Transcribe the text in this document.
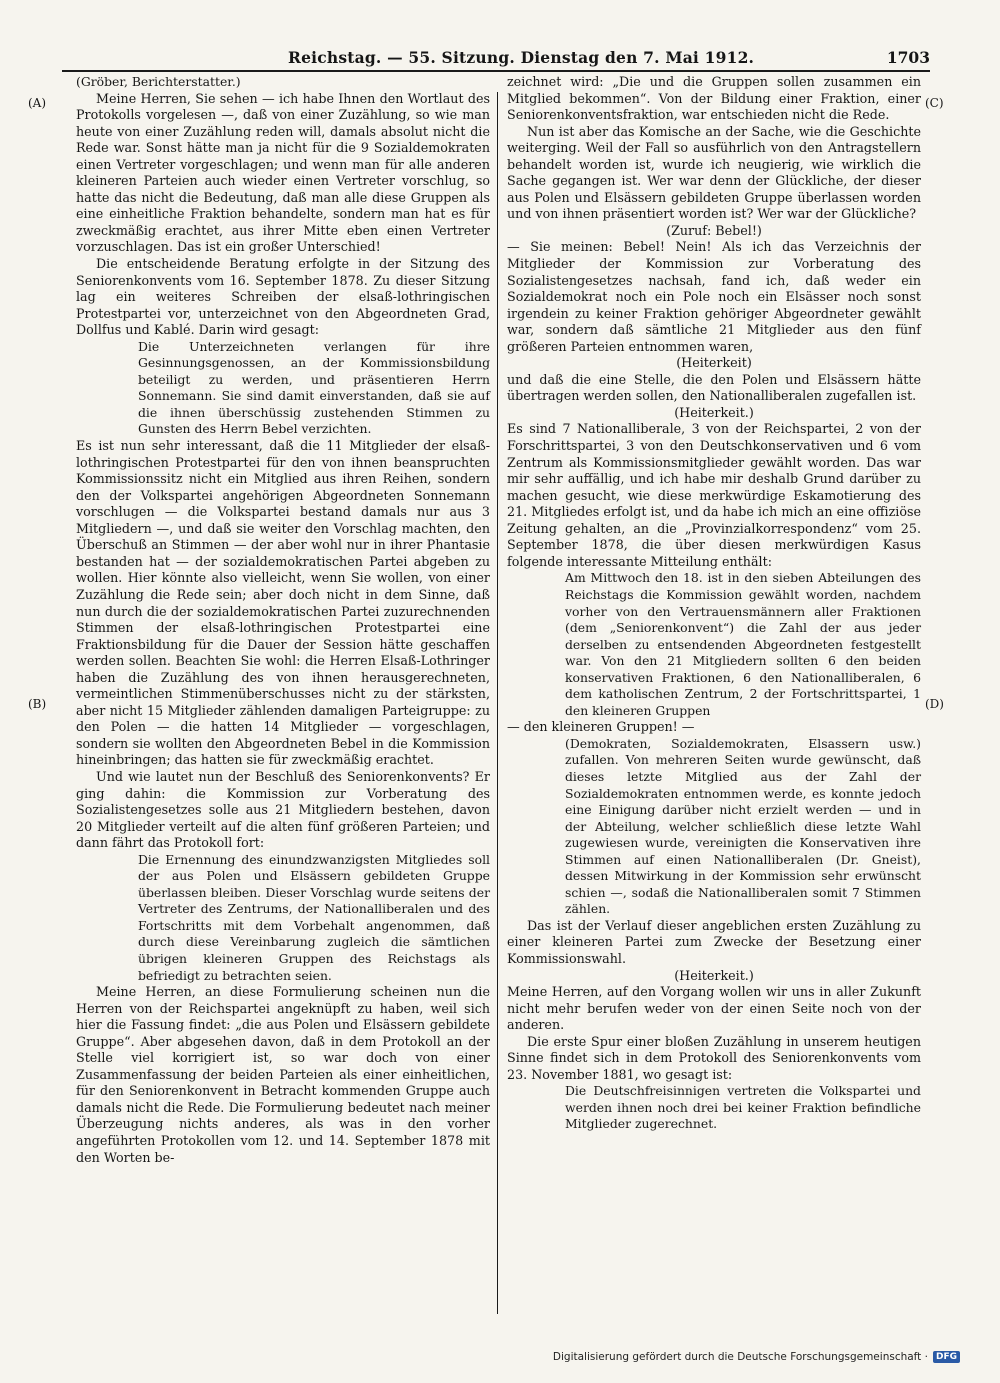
Reichstag. — 55. Sitzung. Dienstag den 7. Mai 1912.	1703
(A)
(B)
(C)
(D)

(Gröber, Berichterstatter.)

Meine Herren, Sie sehen — ich habe Ihnen den Wortlaut des Protokolls vorgelesen —, daß von einer Zuzählung, so wie man heute von einer Zuzählung reden will, damals absolut nicht die Rede war. Sonst hätte man ja nicht für die 9 Sozialdemokraten einen Vertreter vorgeschlagen; und wenn man für alle anderen kleineren Parteien auch wieder einen Vertreter vorschlug, so hatte das nicht die Bedeutung, daß man alle diese Gruppen als eine einheitliche Fraktion behandelte, sondern man hat es für zweckmäßig erachtet, aus ihrer Mitte eben einen Vertreter vorzuschlagen. Das ist ein großer Unterschied!

Die entscheidende Beratung erfolgte in der Sitzung des Seniorenkonvents vom 16. September 1878. Zu dieser Sitzung lag ein weiteres Schreiben der elsaß-lothringischen Protestpartei vor, unterzeichnet von den Abgeordneten Grad, Dollfus und Kablé. Darin wird gesagt:

Die Unterzeichneten verlangen für ihre Gesinnungsgenossen, an der Kommissionsbildung beteiligt zu werden, und präsentieren Herrn Sonnemann. Sie sind damit einverstanden, daß sie auf die ihnen überschüssig zustehenden Stimmen zu Gunsten des Herrn Bebel verzichten.

Es ist nun sehr interessant, daß die 11 Mitglieder der elsaß-lothringischen Protestpartei für den von ihnen beanspruchten Kommissionssitz nicht ein Mitglied aus ihren Reihen, sondern den der Volkspartei angehörigen Abgeordneten Sonnemann vorschlugen — die Volkspartei bestand damals nur aus 3 Mitgliedern —, und daß sie weiter den Vorschlag machten, den Überschuß an Stimmen — der aber wohl nur in ihrer Phantasie bestanden hat — der sozialdemokratischen Partei abgeben zu wollen. Hier könnte also vielleicht, wenn Sie wollen, von einer Zuzählung die Rede sein; aber doch nicht in dem Sinne, daß nun durch die der sozialdemokratischen Partei zuzurechnenden Stimmen der elsaß-lothringischen Protestpartei eine Fraktionsbildung für die Dauer der Session hätte geschaffen werden sollen. Beachten Sie wohl: die Herren Elsaß-Lothringer haben die Zuzählung des von ihnen herausgerechneten, vermeintlichen Stimmenüberschusses nicht zu der stärksten, aber nicht 15 Mitglieder zählenden damaligen Parteigruppe: zu den Polen — die hatten 14 Mitglieder — vorgeschlagen, sondern sie wollten den Abgeordneten Bebel in die Kommission hineinbringen; das hatten sie für zweckmäßig erachtet.

Und wie lautet nun der Beschluß des Seniorenkonvents? Er ging dahin: die Kommission zur Vorberatung des Sozialistengesetzes solle aus 21 Mitgliedern bestehen, davon 20 Mitglieder verteilt auf die alten fünf größeren Parteien; und dann fährt das Protokoll fort:

Die Ernennung des einundzwanzigsten Mitgliedes soll der aus Polen und Elsässern gebildeten Gruppe überlassen bleiben. Dieser Vorschlag wurde seitens der Vertreter des Zentrums, der Nationalliberalen und des Fortschritts mit dem Vorbehalt angenommen, daß durch diese Vereinbarung zugleich die sämtlichen übrigen kleineren Gruppen des Reichstags als befriedigt zu betrachten seien.

Meine Herren, an diese Formulierung scheinen nun die Herren von der Reichspartei angeknüpft zu haben, weil sich hier die Fassung findet: „die aus Polen und Elsässern gebildete Gruppe“. Aber abgesehen davon, daß in dem Protokoll an der Stelle viel korrigiert ist, so war doch von einer Zusammenfassung der beiden Parteien als einer einheitlichen, für den Seniorenkonvent in Betracht kommenden Gruppe auch damals nicht die Rede. Die Formulierung bedeutet nach meiner Überzeugung nichts anderes, als was in den vorher angeführten Protokollen vom 12. und 14. September 1878 mit den Worten be-

zeichnet wird: „Die und die Gruppen sollen zusammen ein Mitglied bekommen“. Von der Bildung einer Fraktion, einer Seniorenkonventsfraktion, war entschieden nicht die Rede.

Nun ist aber das Komische an der Sache, wie die Geschichte weiterging. Weil der Fall so ausführlich von den Antragstellern behandelt worden ist, wurde ich neugierig, wie wirklich die Sache gegangen ist. Wer war denn der Glückliche, der dieser aus Polen und Elsässern gebildeten Gruppe überlassen worden und von ihnen präsentiert worden ist? Wer war der Glückliche?

(Zuruf: Bebel!)

— Sie meinen: Bebel! Nein! Als ich das Verzeichnis der Mitglieder der Kommission zur Vorberatung des Sozialistengesetzes nachsah, fand ich, daß weder ein Sozialdemokrat noch ein Pole noch ein Elsässer noch sonst irgendein zu keiner Fraktion gehöriger Abgeordneter gewählt war, sondern daß sämtliche 21 Mitglieder aus den fünf größeren Parteien entnommen waren,

(Heiterkeit)

und daß die eine Stelle, die den Polen und Elsässern hätte übertragen werden sollen, den Nationalliberalen zugefallen ist.

(Heiterkeit.)

Es sind 7 Nationalliberale, 3 von der Reichspartei, 2 von der Forschrittspartei, 3 von den Deutschkonservativen und 6 vom Zentrum als Kommissionsmitglieder gewählt worden. Das war mir sehr auffällig, und ich habe mir deshalb Grund darüber zu machen gesucht, wie diese merkwürdige Eskamotierung des 21. Mitgliedes erfolgt ist, und da habe ich mich an eine offiziöse Zeitung gehalten, an die „Provinzialkorrespondenz“ vom 25. September 1878, die über diesen merkwürdigen Kasus folgende interessante Mitteilung enthält:

Am Mittwoch den 18. ist in den sieben Abteilungen des Reichstags die Kommission gewählt worden, nachdem vorher von den Vertrauensmännern aller Fraktionen (dem „Seniorenkonvent“) die Zahl der aus jeder derselben zu entsendenden Abgeordneten festgestellt war. Von den 21 Mitgliedern sollten 6 den beiden konservativen Fraktionen, 6 den Nationalliberalen, 6 dem katholischen Zentrum, 2 der Fortschrittspartei, 1 den kleineren Gruppen

— den kleineren Gruppen! —

(Demokraten, Sozialdemokraten, Elsassern usw.) zufallen. Von mehreren Seiten wurde gewünscht, daß dieses letzte Mitglied aus der Zahl der Sozialdemokraten entnommen werde, es konnte jedoch eine Einigung darüber nicht erzielt werden — und in der Abteilung, welcher schließlich diese letzte Wahl zugewiesen wurde, vereinigten die Konservativen ihre Stimmen auf einen Nationalliberalen (Dr. Gneist), dessen Mitwirkung in der Kommission sehr erwünscht schien —, sodaß die Nationalliberalen somit 7 Stimmen zählen.

Das ist der Verlauf dieser angeblichen ersten Zuzählung zu einer kleineren Partei zum Zwecke der Besetzung einer Kommissionswahl.

(Heiterkeit.)

Meine Herren, auf den Vorgang wollen wir uns in aller Zukunft nicht mehr berufen weder von der einen Seite noch von der anderen.

Die erste Spur einer bloßen Zuzählung in unserem heutigen Sinne findet sich in dem Protokoll des Seniorenkonvents vom 23. November 1881, wo gesagt ist:

Die Deutschfreisinnigen vertreten die Volkspartei und werden ihnen noch drei bei keiner Fraktion befindliche Mitglieder zugerechnet.

Digitalisierung gefördert durch die Deutsche Forschungsgemeinschaft · DFG
